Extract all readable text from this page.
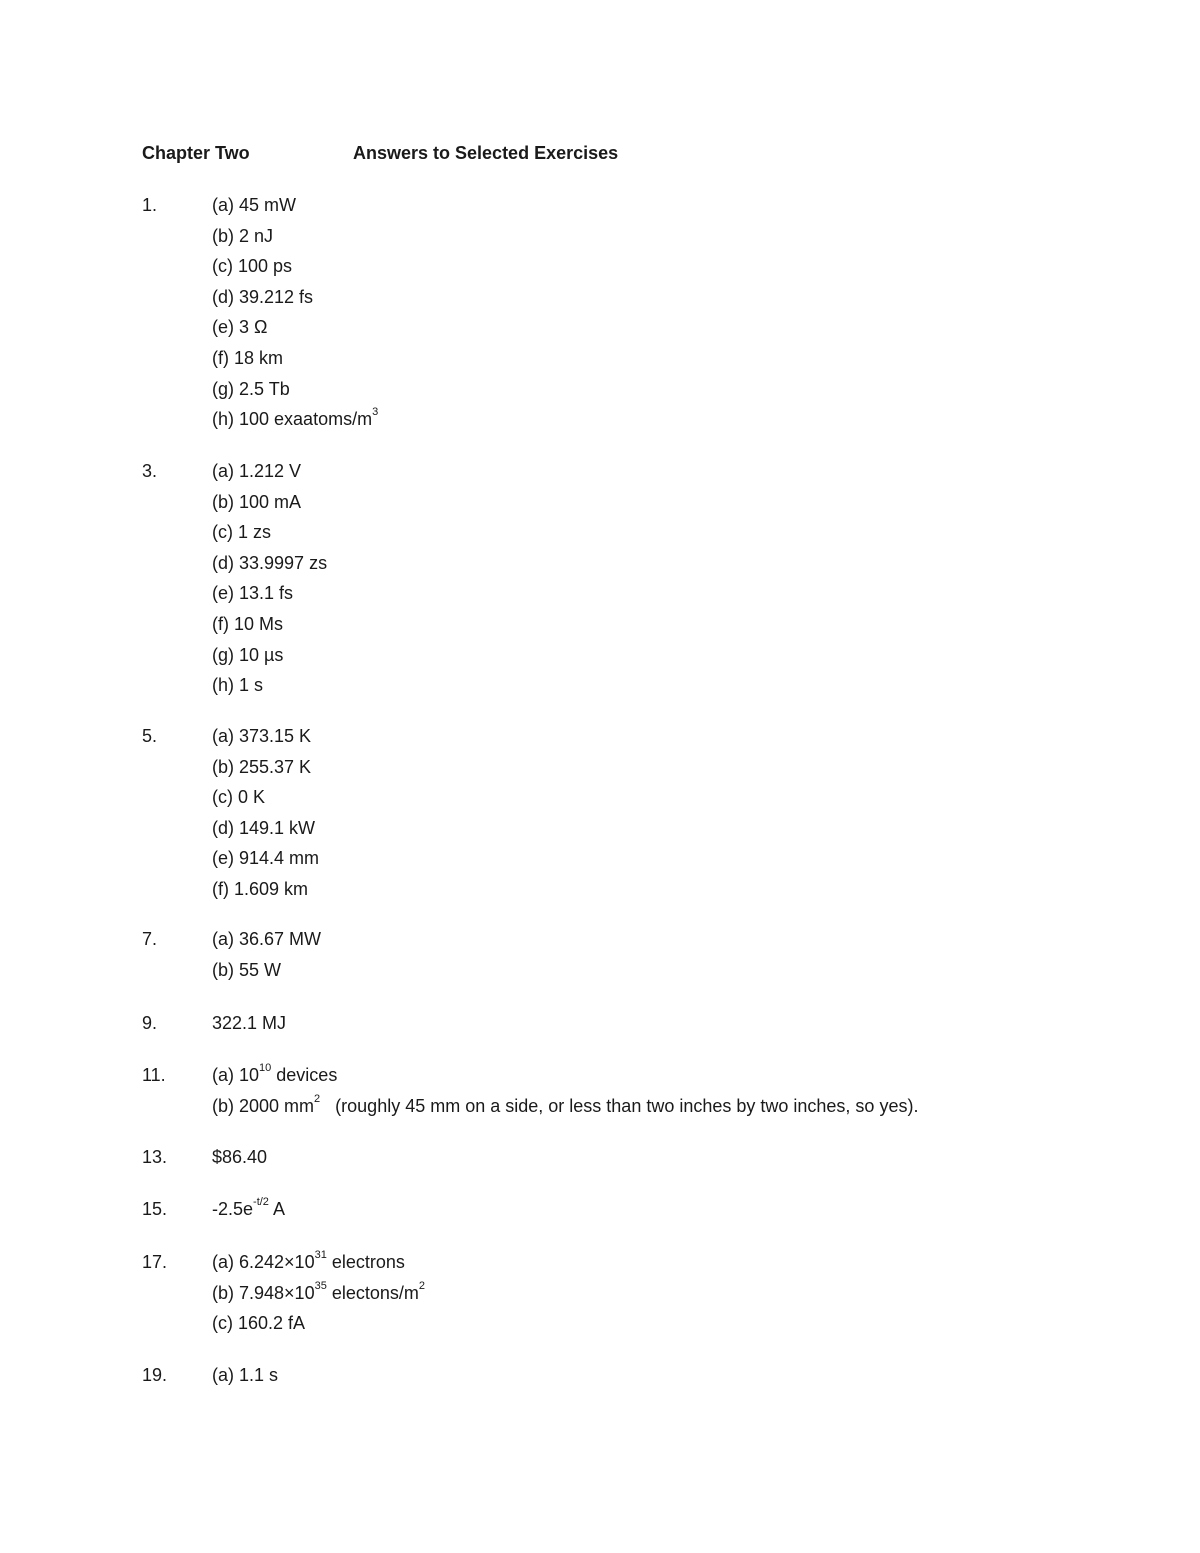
Chapter Two	Answers to Selected Exercises
1.	(a) 45 mW
(b) 2 nJ
(c) 100 ps
(d) 39.212 fs
(e) 3 Ω
(f) 18 km
(g) 2.5 Tb
(h) 100 exaatoms/$m^3$
3.	(a) 1.212 V
(b) 100 mA
(c) 1 zs
(d) 33.9997 zs
(e) 13.1 fs
(f) 10 Ms
(g) 10 µs
(h) 1 s
5.	(a) 373.15 K
(b) 255.37 K
(c) 0 K
(d) 149.1 kW
(e) 914.4 mm
(f) 1.609 km
7.	(a) 36.67 MW
(b) 55 W
9.	322.1 MJ
11.	(a) $10^{10}$ devices
(b) 2000 $mm^2$   (roughly 45 mm on a side, or less than two inches by two inches, so yes).
13. $86.40
15. $-2.5e^{-t/2}$ A
17. (a) $6.242\times 10^{31}$ electrons
(b) $7.948\times 10^{35}$ electons/$m^2$
(c) 160.2 fA
19. (a) 1.1 s
